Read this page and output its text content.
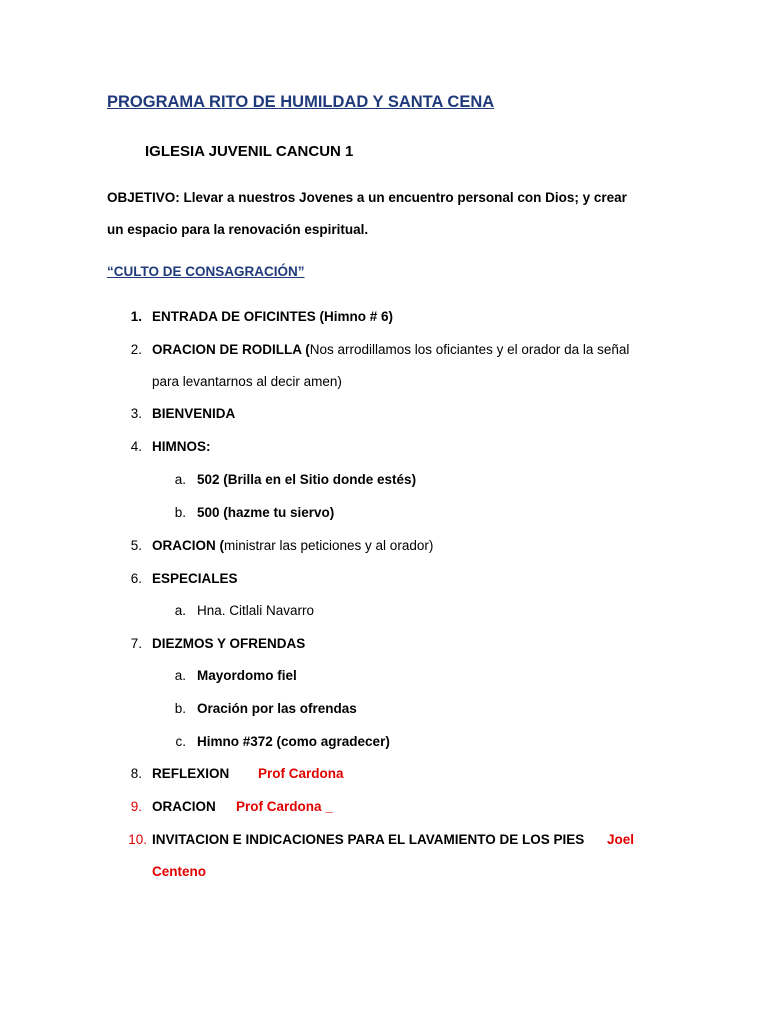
PROGRAMA RITO DE HUMILDAD Y SANTA CENA
IGLESIA JUVENIL CANCUN 1
OBJETIVO: Llevar a nuestros Jovenes a un encuentro personal con Dios; y crear
un espacio para la renovación espiritual.
“CULTO DE CONSAGRACIÓN”
1. ENTRADA DE OFICINTES (Himno # 6)
2. ORACION DE RODILLA (Nos arrodillamos los oficiantes y el orador da la señal
para levantarnos al decir amen)
3. BIENVENIDA
4. HIMNOS:
a. 502 (Brilla en el Sitio donde estés)
b. 500 (hazme tu siervo)
5. ORACION (ministrar las peticiones y al orador)
6. ESPECIALES
a. Hna. Citlali Navarro
7. DIEZMOS Y OFRENDAS
a. Mayordomo fiel
b. Oración por las ofrendas
c. Himno #372 (como agradecer)
8. REFLEXION Prof Cardona
9. ORACION Prof Cardona _
10. INVITACION E INDICACIONES PARA EL LAVAMIENTO DE LOS PIES Joel
Centeno
